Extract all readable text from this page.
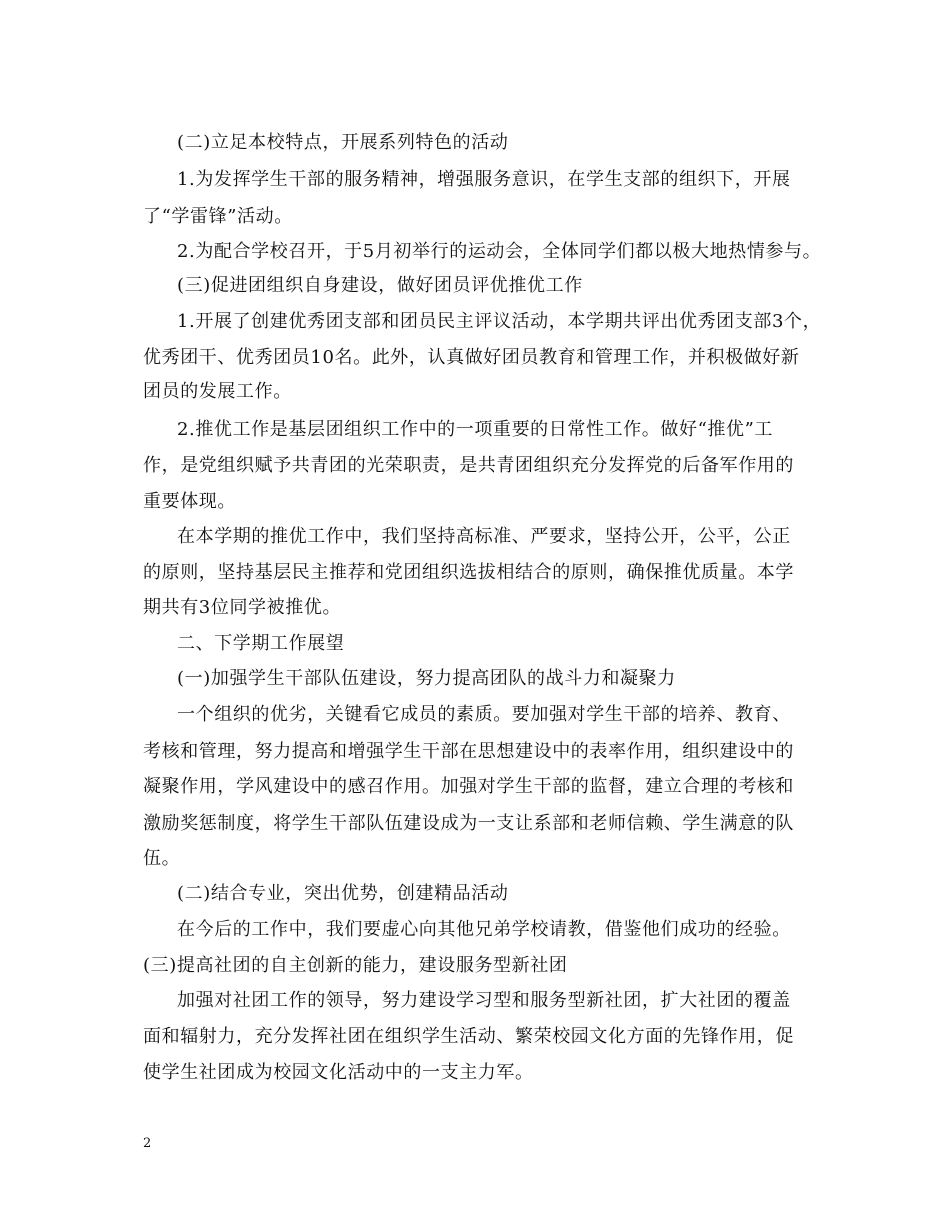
(二)立足本校特点，开展系列特色的活动
1.为发挥学生干部的服务精神，增强服务意识，在学生支部的组织下，开展
了“学雷锋”活动。
2.为配合学校召开，于5月初举行的运动会，全体同学们都以极大地热情参与。
(三)促进团组织自身建设，做好团员评优推优工作
1.开展了创建优秀团支部和团员民主评议活动，本学期共评出优秀团支部3个，
优秀团干、优秀团员10名。此外，认真做好团员教育和管理工作，并积极做好新
团员的发展工作。
2.推优工作是基层团组织工作中的一项重要的日常性工作。做好“推优”工
作，是党组织赋予共青团的光荣职责，是共青团组织充分发挥党的后备军作用的
重要体现。
在本学期的推优工作中，我们坚持高标准、严要求，坚持公开，公平，公正
的原则，坚持基层民主推荐和党团组织选拔相结合的原则，确保推优质量。本学
期共有3位同学被推优。
二、下学期工作展望
(一)加强学生干部队伍建设，努力提高团队的战斗力和凝聚力
一个组织的优劣，关键看它成员的素质。要加强对学生干部的培养、教育、
考核和管理，努力提高和增强学生干部在思想建设中的表率作用，组织建设中的
凝聚作用，学风建设中的感召作用。加强对学生干部的监督，建立合理的考核和
激励奖惩制度，将学生干部队伍建设成为一支让系部和老师信赖、学生满意的队
伍。
(二)结合专业，突出优势，创建精品活动
在今后的工作中，我们要虚心向其他兄弟学校请教，借鉴他们成功的经验。
(三)提高社团的自主创新的能力，建设服务型新社团
加强对社团工作的领导，努力建设学习型和服务型新社团，扩大社团的覆盖
面和辐射力，充分发挥社团在组织学生活动、繁荣校园文化方面的先锋作用，促
使学生社团成为校园文化活动中的一支主力军。
2
